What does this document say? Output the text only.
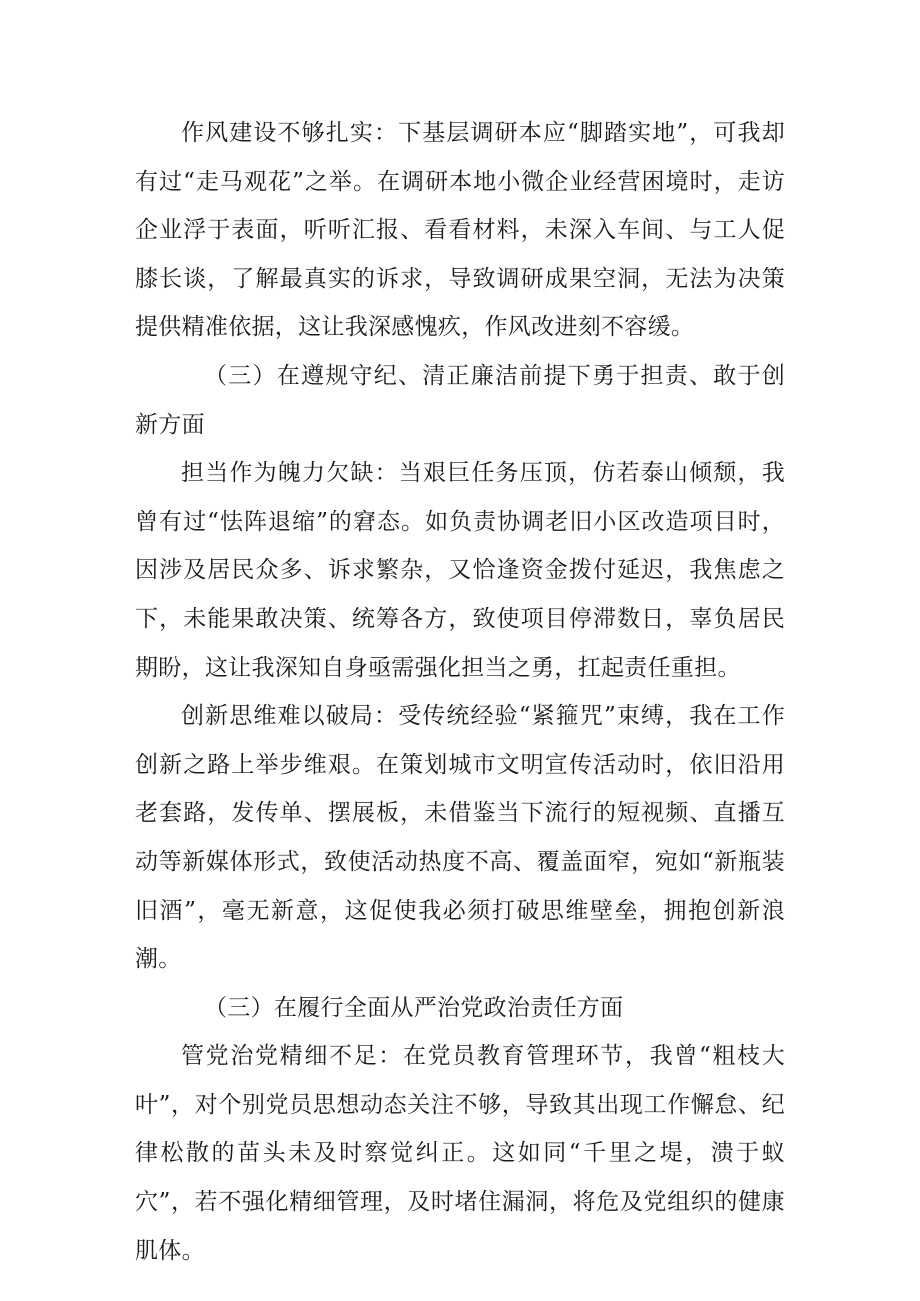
作风建设不够扎实：下基层调研本应“脚踏实地”，可我却有过“走马观花”之举。在调研本地小微企业经营困境时，走访企业浮于表面，听听汇报、看看材料，未深入车间、与工人促膝长谈，了解最真实的诉求，导致调研成果空洞，无法为决策提供精准依据，这让我深感愧疚，作风改进刻不容缓。

（三）在遵规守纪、清正廉洁前提下勇于担责、敢于创新方面

担当作为魄力欠缺：当艰巨任务压顶，仿若泰山倾颓，我曾有过“怯阵退缩”的窘态。如负责协调老旧小区改造项目时，因涉及居民众多、诉求繁杂，又恰逢资金拨付延迟，我焦虑之下，未能果敢决策、统筹各方，致使项目停滞数日，辜负居民期盼，这让我深知自身亟需强化担当之勇，扛起责任重担。

创新思维难以破局：受传统经验“紧箍咒”束缚，我在工作创新之路上举步维艰。在策划城市文明宣传活动时，依旧沿用老套路，发传单、摆展板，未借鉴当下流行的短视频、直播互动等新媒体形式，致使活动热度不高、覆盖面窄，宛如“新瓶装旧酒”，毫无新意，这促使我必须打破思维壁垒，拥抱创新浪潮。

（三）在履行全面从严治党政治责任方面

管党治党精细不足：在党员教育管理环节，我曾“粗枝大叶”，对个别党员思想动态关注不够，导致其出现工作懈怠、纪律松散的苗头未及时察觉纠正。这如同“千里之堤，溃于蚁穴”，若不强化精细管理，及时堵住漏洞，将危及党组织的健康肌体。
